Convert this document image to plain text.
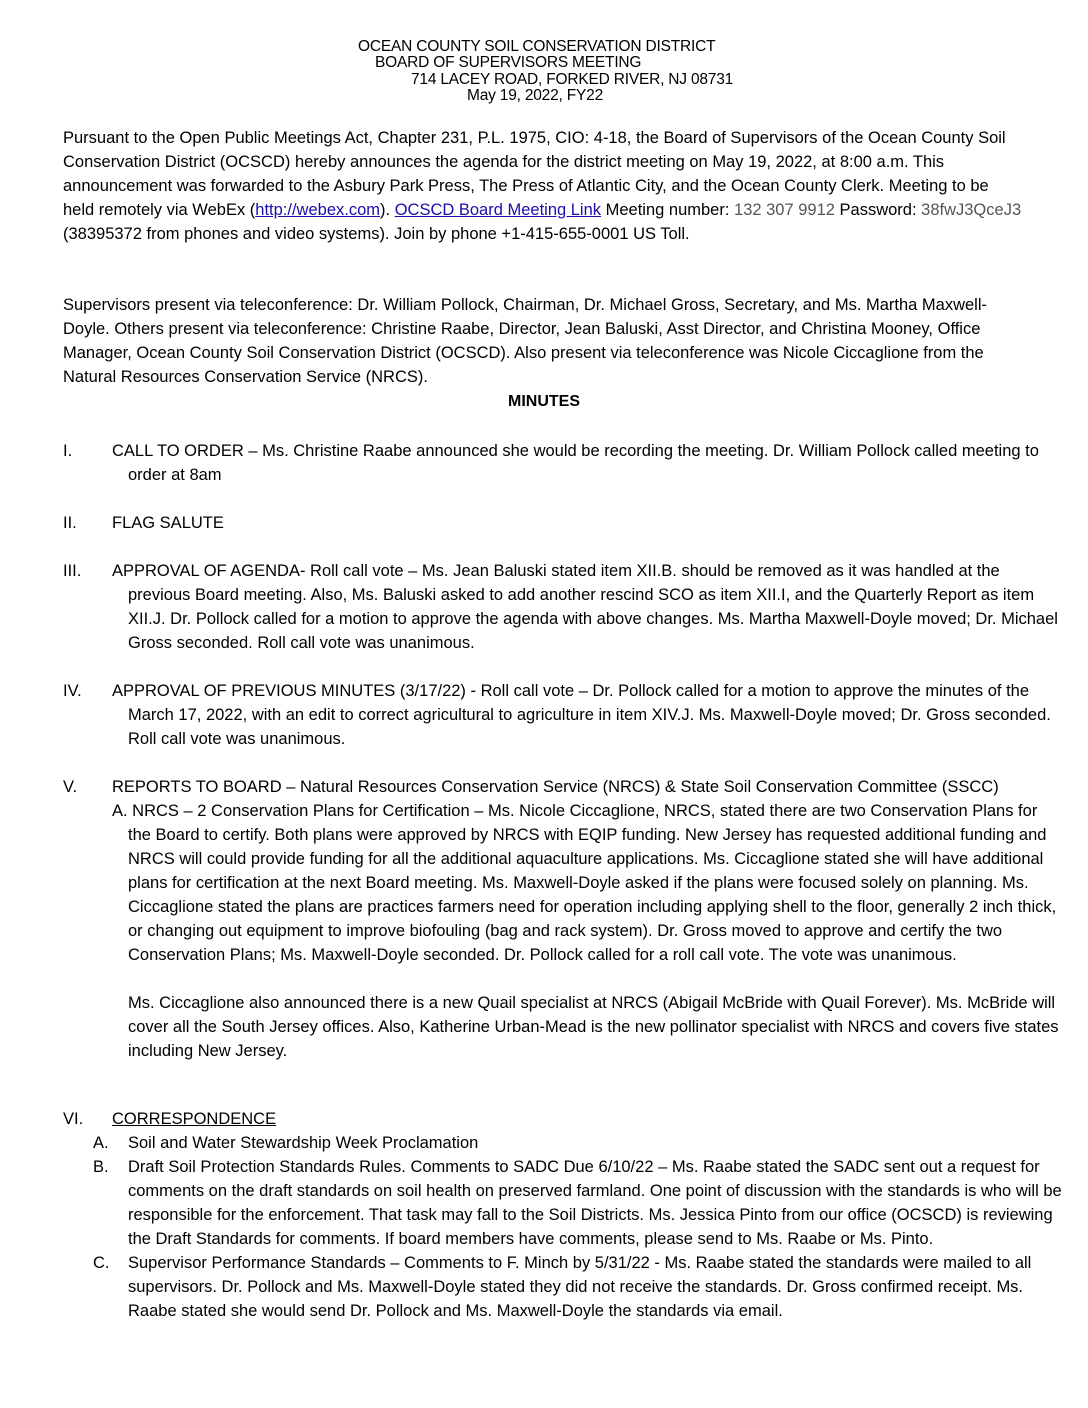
OCEAN COUNTY SOIL CONSERVATION DISTRICT
BOARD OF SUPERVISORS MEETING
714 LACEY ROAD, FORKED RIVER, NJ 08731
May 19, 2022, FY22

Pursuant to the Open Public Meetings Act, Chapter 231, P.L. 1975, CIO: 4-18, the Board of Supervisors of the Ocean County Soil Conservation District (OCSCD) hereby announces the agenda for the district meeting on May 19, 2022, at 8:00 a.m. This announcement was forwarded to the Asbury Park Press, The Press of Atlantic City, and the Ocean County Clerk. Meeting to be held remotely via WebEx (http://webex.com). OCSCD Board Meeting Link Meeting number: 132 307 9912 Password: 38fwJ3QceJ3 (38395372 from phones and video systems). Join by phone +1-415-655-0001 US Toll.

Supervisors present via teleconference: Dr. William Pollock, Chairman, Dr. Michael Gross, Secretary, and Ms. Martha Maxwell-Doyle. Others present via teleconference: Christine Raabe, Director, Jean Baluski, Asst Director, and Christina Mooney, Office Manager, Ocean County Soil Conservation District (OCSCD). Also present via teleconference was Nicole Ciccaglione from the Natural Resources Conservation Service (NRCS).

MINUTES
I. CALL TO ORDER – Ms. Christine Raabe announced she would be recording the meeting. Dr. William Pollock called meeting to order at 8am
II. FLAG SALUTE
III. APPROVAL OF AGENDA- Roll call vote – Ms. Jean Baluski stated item XII.B. should be removed as it was handled at the previous Board meeting. Also, Ms. Baluski asked to add another rescind SCO as item XII.I, and the Quarterly Report as item XII.J. Dr. Pollock called for a motion to approve the agenda with above changes. Ms. Martha Maxwell-Doyle moved; Dr. Michael Gross seconded. Roll call vote was unanimous.
IV. APPROVAL OF PREVIOUS MINUTES (3/17/22) - Roll call vote – Dr. Pollock called for a motion to approve the minutes of the March 17, 2022, with an edit to correct agricultural to agriculture in item XIV.J. Ms. Maxwell-Doyle moved; Dr. Gross seconded. Roll call vote was unanimous.
V. REPORTS TO BOARD – Natural Resources Conservation Service (NRCS) & State Soil Conservation Committee (SSCC)
A. NRCS – 2 Conservation Plans for Certification – Ms. Nicole Ciccaglione, NRCS, stated there are two Conservation Plans for the Board to certify. Both plans were approved by NRCS with EQIP funding. New Jersey has requested additional funding and NRCS will could provide funding for all the additional aquaculture applications. Ms. Ciccaglione stated she will have additional plans for certification at the next Board meeting. Ms. Maxwell-Doyle asked if the plans were focused solely on planning. Ms. Ciccaglione stated the plans are practices farmers need for operation including applying shell to the floor, generally 2 inch thick, or changing out equipment to improve biofouling (bag and rack system). Dr. Gross moved to approve and certify the two Conservation Plans; Ms. Maxwell-Doyle seconded. Dr. Pollock called for a roll call vote. The vote was unanimous.
Ms. Ciccaglione also announced there is a new Quail specialist at NRCS (Abigail McBride with Quail Forever). Ms. McBride will cover all the South Jersey offices. Also, Katherine Urban-Mead is the new pollinator specialist with NRCS and covers five states including New Jersey.
VI. CORRESPONDENCE
A. Soil and Water Stewardship Week Proclamation
B. Draft Soil Protection Standards Rules. Comments to SADC Due 6/10/22 – Ms. Raabe stated the SADC sent out a request for comments on the draft standards on soil health on preserved farmland. One point of discussion with the standards is who will be responsible for the enforcement. That task may fall to the Soil Districts. Ms. Jessica Pinto from our office (OCSCD) is reviewing the Draft Standards for comments. If board members have comments, please send to Ms. Raabe or Ms. Pinto.
C. Supervisor Performance Standards – Comments to F. Minch by 5/31/22 - Ms. Raabe stated the standards were mailed to all supervisors. Dr. Pollock and Ms. Maxwell-Doyle stated they did not receive the standards. Dr. Gross confirmed receipt. Ms. Raabe stated she would send Dr. Pollock and Ms. Maxwell-Doyle the standards via email.
